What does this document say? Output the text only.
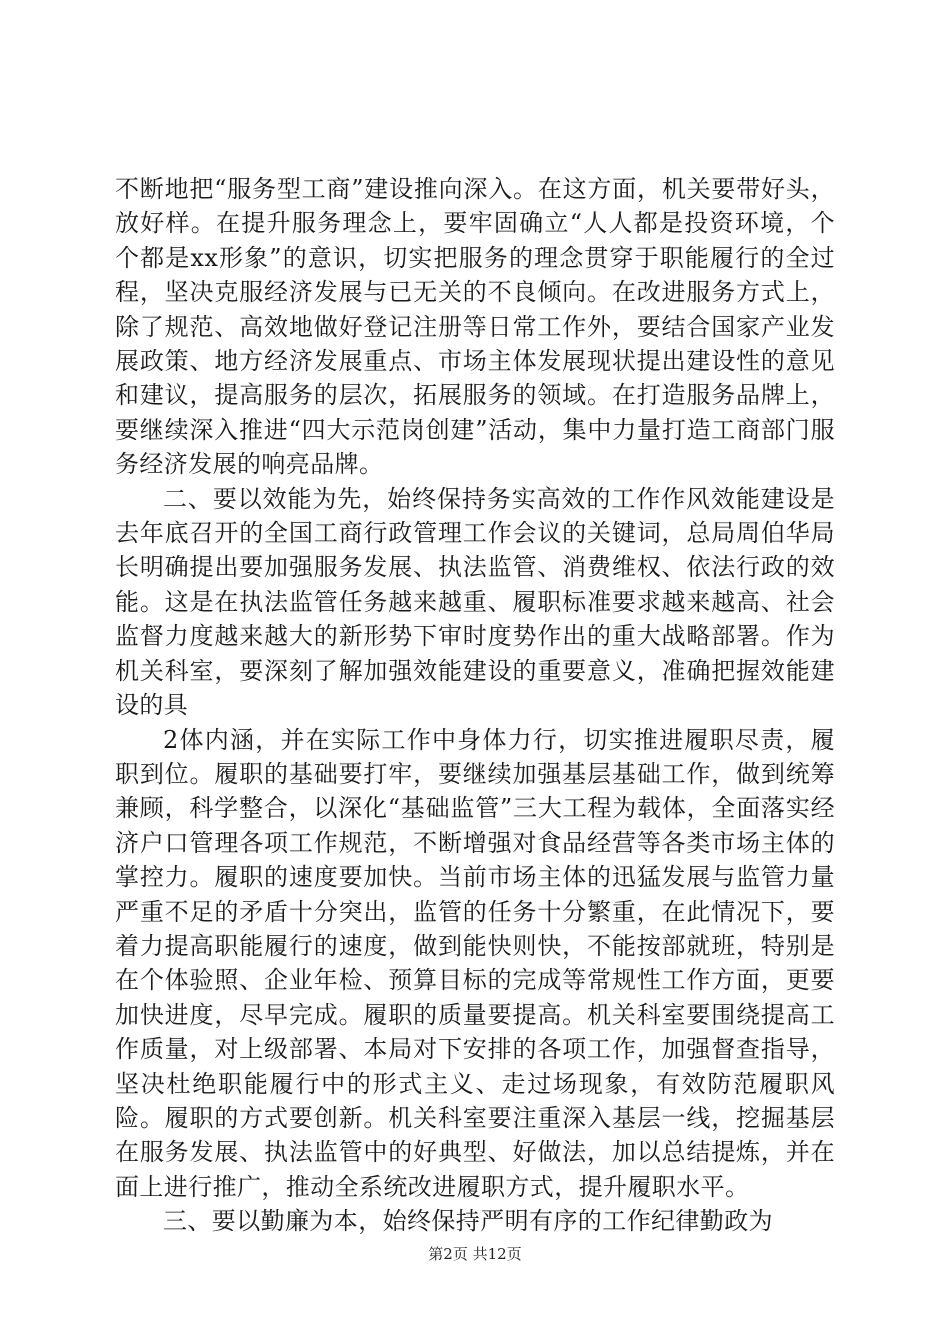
不断地把“服务型工商”建设推向深入。在这方面，机关要带好头，放好样。在提升服务理念上，要牢固确立“人人都是投资环境，个个都是xx形象”的意识，切实把服务的理念贯穿于职能履行的全过程，坚决克服经济发展与已无关的不良倾向。在改进服务方式上，除了规范、高效地做好登记注册等日常工作外，要结合国家产业发展政策、地方经济发展重点、市场主体发展现状提出建设性的意见和建议，提高服务的层次，拓展服务的领域。在打造服务品牌上，要继续深入推进“四大示范岗创建”活动，集中力量打造工商部门服务经济发展的响亮品牌。

二、要以效能为先，始终保持务实高效的工作作风效能建设是去年底召开的全国工商行政管理工作会议的关键词，总局周伯华局长明确提出要加强服务发展、执法监管、消费维权、依法行政的效能。这是在执法监管任务越来越重、履职标准要求越来越高、社会监督力度越来越大的新形势下审时度势作出的重大战略部署。作为机关科室，要深刻了解加强效能建设的重要意义，准确把握效能建设的具

2体内涵，并在实际工作中身体力行，切实推进履职尽责，履职到位。履职的基础要打牢，要继续加强基层基础工作，做到统筹兼顾，科学整合，以深化“基础监管”三大工程为载体，全面落实经济户口管理各项工作规范，不断增强对食品经营等各类市场主体的掌控力。履职的速度要加快。当前市场主体的迅猛发展与监管力量严重不足的矛盾十分突出，监管的任务十分繁重，在此情况下，要着力提高职能履行的速度，做到能快则快，不能按部就班，特别是在个体验照、企业年检、预算目标的完成等常规性工作方面，更要加快进度，尽早完成。履职的质量要提高。机关科室要围绕提高工作质量，对上级部署、本局对下安排的各项工作，加强督查指导，坚决杜绝职能履行中的形式主义、走过场现象，有效防范履职风险。履职的方式要创新。机关科室要注重深入基层一线，挖掘基层在服务发展、执法监管中的好典型、好做法，加以总结提炼，并在面上进行推广，推动全系统改进履职方式，提升履职水平。

三、要以勤廉为本，始终保持严明有序的工作纪律勤政为

第2页 共12页
